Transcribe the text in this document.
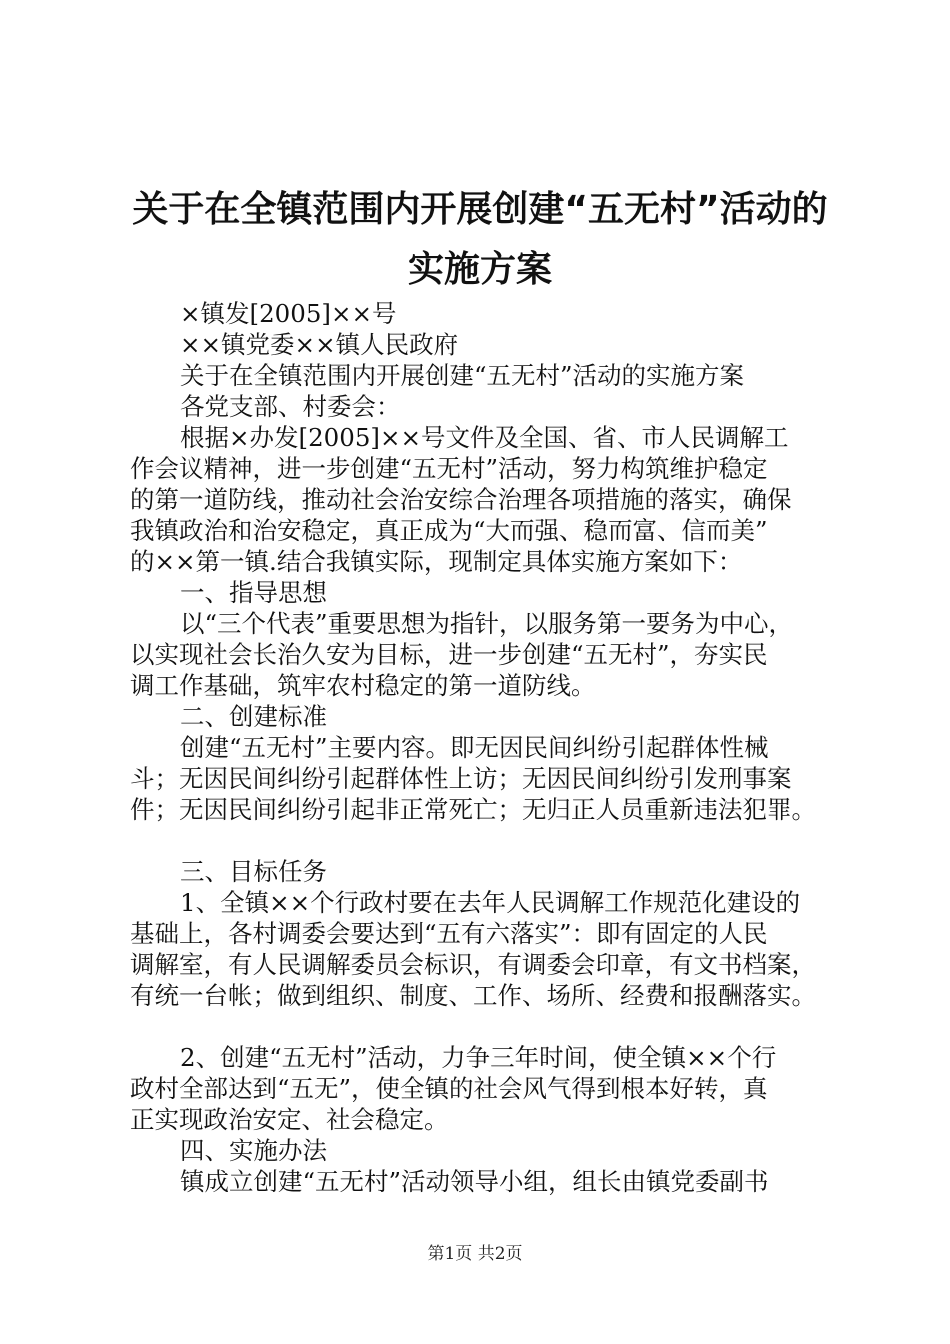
关于在全镇范围内开展创建“五无村”活动的
实施方案
×镇发[2005]××号
××镇党委××镇人民政府
关于在全镇范围内开展创建“五无村”活动的实施方案
各党支部、村委会：
根据×办发[2005]××号文件及全国、省、市人民调解工
作会议精神，进一步创建“五无村”活动，努力构筑维护稳定
的第一道防线，推动社会治安综合治理各项措施的落实，确保
我镇政治和治安稳定，真正成为“大而强、稳而富、信而美”
的××第一镇.结合我镇实际，现制定具体实施方案如下：
一、指导思想
以“三个代表”重要思想为指针，以服务第一要务为中心，
以实现社会长治久安为目标，进一步创建“五无村”，夯实民
调工作基础，筑牢农村稳定的第一道防线。
二、创建标准
创建“五无村”主要内容。即无因民间纠纷引起群体性械
斗；无因民间纠纷引起群体性上访；无因民间纠纷引发刑事案
件；无因民间纠纷引起非正常死亡；无归正人员重新违法犯罪。
三、目标任务
1、全镇××个行政村要在去年人民调解工作规范化建设的
基础上，各村调委会要达到“五有六落实”：即有固定的人民
调解室，有人民调解委员会标识，有调委会印章，有文书档案，
有统一台帐；做到组织、制度、工作、场所、经费和报酬落实。
2、创建“五无村”活动，力争三年时间，使全镇××个行
政村全部达到“五无”，使全镇的社会风气得到根本好转，真
正实现政治安定、社会稳定。
四、实施办法
镇成立创建“五无村”活动领导小组，组长由镇党委副书
第1页 共2页
